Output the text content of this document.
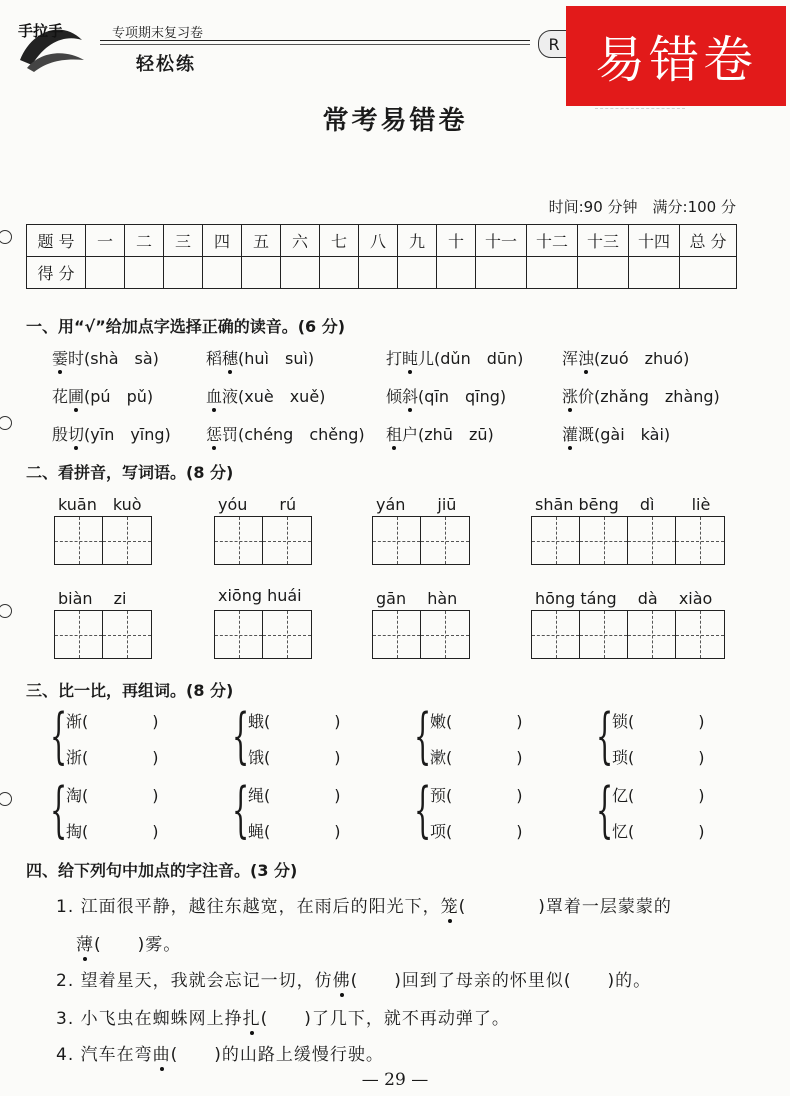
手拉手	专项期末复习卷
轻松练
R 易错卷
常考易错卷
时间:90 分钟　满分:100 分
题 号	一	二	三	四	五	六	七	八	九	十	十一	十二	十三	十四	总 分
得 分															
一、用“√”给加点字选择正确的读音。(6 分)
霎时(shà　sà)	稻穗(huì　suì)	打盹儿(dǔn　dūn) 浑浊(zuó　zhuó)
花圃(pú　pǔ)	血液(xuè　xuě)	倾斜(qīn　qīng)	涨价(zhǎng　zhàng)
殷切(yīn　yīng) 惩罚(chéng　chěng) 租户(zhū　zū)	灌溉(gài　kài)
二、看拼音，写词语。(8 分)
kuān　kuò	yóu　　rú	yán　　jiū	shān bēng　 dì　　 liè
biàn　 zi	xiōng huái	gān　 hàn	hōng táng　 dà　 xiào
三、比一比，再组词。(8 分)
{
渐(　　　　)
浙(　　　　) {
蛾(　　　　)
饿(　　　　) {
嫩(　　　　)
漱(　　　　) {
锁(　　　　)
琐(　　　　)
{
淘(　　　　)
掏(　　　　) {
绳(　　　　)
蝇(　　　　) {
预(　　　　)
项(　　　　) {
亿(　　　　)
忆(　　　　)
四、给下列句中加点的字注音。(3 分)
1. 江面很平静，越往东越宽，在雨后的阳光下，笼(　　　　)罩着一层蒙蒙的
薄(　　)雾。
2. 望着星天，我就会忘记一切，仿佛(　　)回到了母亲的怀里似(　　)的。
3. 小飞虫在蜘蛛网上挣扎(　　)了几下，就不再动弹了。
4. 汽车在弯曲(　　)的山路上缓慢行驶。
— 29 —
